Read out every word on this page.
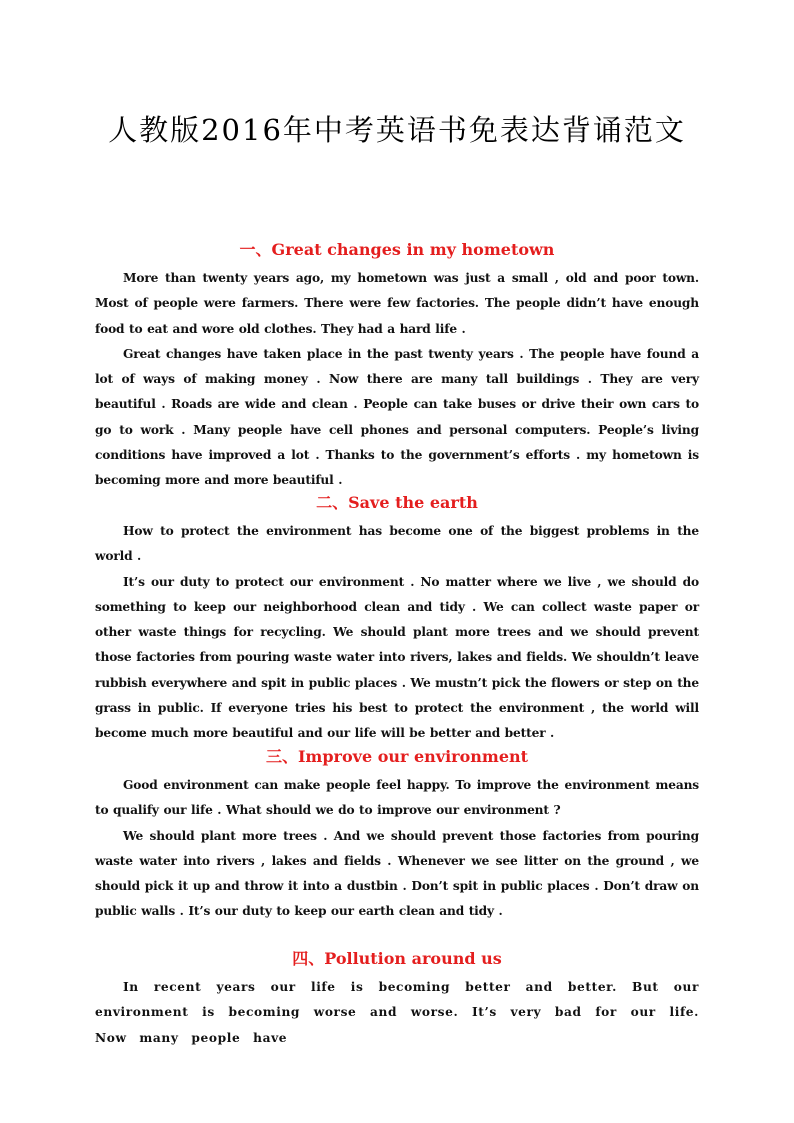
人教版2016年中考英语书免表达背诵范文
一、Great changes in my hometown

More than twenty years ago, my hometown was just a small , old and poor town. Most of people were farmers. There were few factories. The people didn’t have enough food to eat and wore old clothes. They had a hard life .

Great changes have taken place in the past twenty years . The people have found a lot of ways of making money . Now there are many tall buildings . They are very beautiful . Roads are wide and clean . People can take buses or drive their own cars to go to work . Many people have cell phones and personal computers. People’s living conditions have improved a lot . Thanks to the government’s efforts . my hometown is becoming more and more beautiful .

二、Save the earth

How to protect the environment has become one of the biggest problems in the world .

It’s our duty to protect our environment . No matter where we live , we should do something to keep our neighborhood clean and tidy . We can collect waste paper or other waste things for recycling. We should plant more trees and we should prevent those factories from pouring waste water into rivers, lakes and fields. We shouldn’t leave rubbish everywhere and spit in public places . We mustn’t pick the flowers or step on the grass in public. If everyone tries his best to protect the environment , the world will become much more beautiful and our life will be better and better .

三、Improve our environment

Good environment can make people feel happy. To improve the environment means to qualify our life . What should we do to improve our environment ?

We should plant more trees . And we should prevent those factories from pouring waste water into rivers , lakes and fields . Whenever we see litter on the ground , we should pick it up and throw it into a dustbin . Don’t spit in public places . Don’t draw on public walls . It’s our duty to keep our earth clean and tidy .

四、Pollution around us

In recent years our life is becoming better and better. But our environment is becoming worse and worse. It’s very bad for our life. Now many people have
